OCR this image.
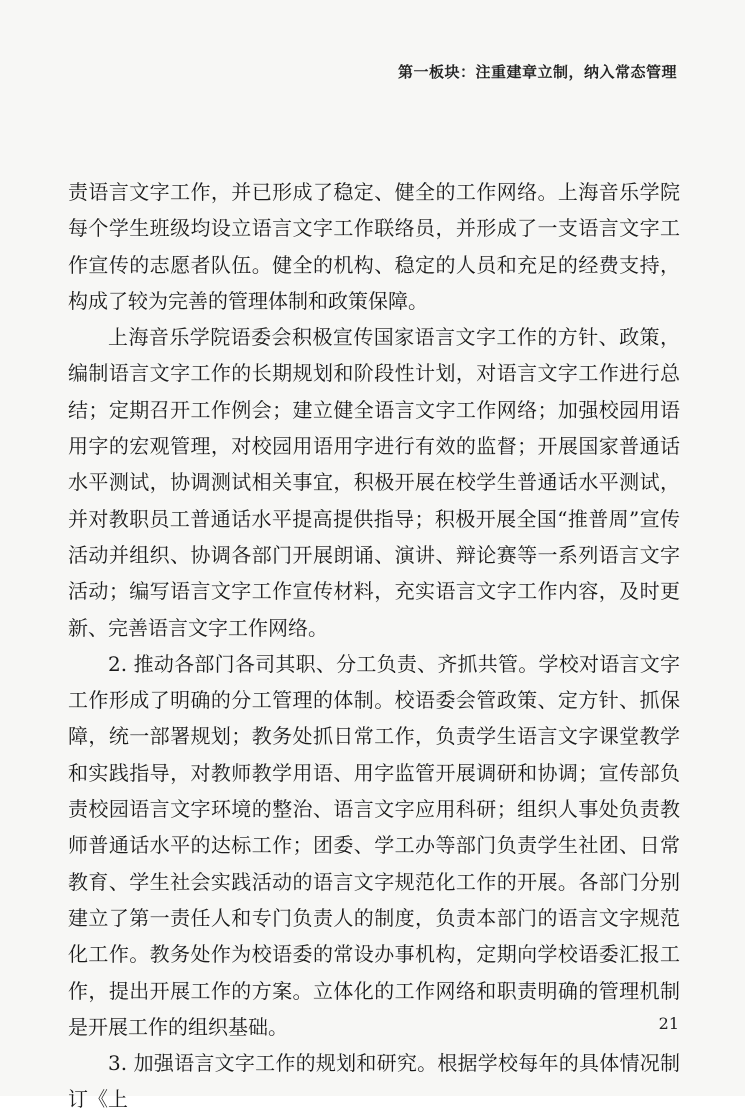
第一板块：注重建章立制，纳入常态管理

责语言文字工作，并已形成了稳定、健全的工作网络。上海音乐学院每个学生班级均设立语言文字工作联络员，并形成了一支语言文字工作宣传的志愿者队伍。健全的机构、稳定的人员和充足的经费支持，构成了较为完善的管理体制和政策保障。

上海音乐学院语委会积极宣传国家语言文字工作的方针、政策，编制语言文字工作的长期规划和阶段性计划，对语言文字工作进行总结；定期召开工作例会；建立健全语言文字工作网络；加强校园用语用字的宏观管理，对校园用语用字进行有效的监督；开展国家普通话水平测试，协调测试相关事宜，积极开展在校学生普通话水平测试，并对教职员工普通话水平提高提供指导；积极开展全国“推普周”宣传活动并组织、协调各部门开展朗诵、演讲、辩论赛等一系列语言文字活动；编写语言文字工作宣传材料，充实语言文字工作内容，及时更新、完善语言文字工作网络。

2. 推动各部门各司其职、分工负责、齐抓共管。学校对语言文字工作形成了明确的分工管理的体制。校语委会管政策、定方针、抓保障，统一部署规划；教务处抓日常工作，负责学生语言文字课堂教学和实践指导，对教师教学用语、用字监管开展调研和协调；宣传部负责校园语言文字环境的整治、语言文字应用科研；组织人事处负责教师普通话水平的达标工作；团委、学工办等部门负责学生社团、日常教育、学生社会实践活动的语言文字规范化工作的开展。各部门分别建立了第一责任人和专门负责人的制度，负责本部门的语言文字规范化工作。教务处作为校语委的常设办事机构，定期向学校语委汇报工作，提出开展工作的方案。立体化的工作网络和职责明确的管理机制是开展工作的组织基础。

3. 加强语言文字工作的规划和研究。根据学校每年的具体情况制订《上

21
